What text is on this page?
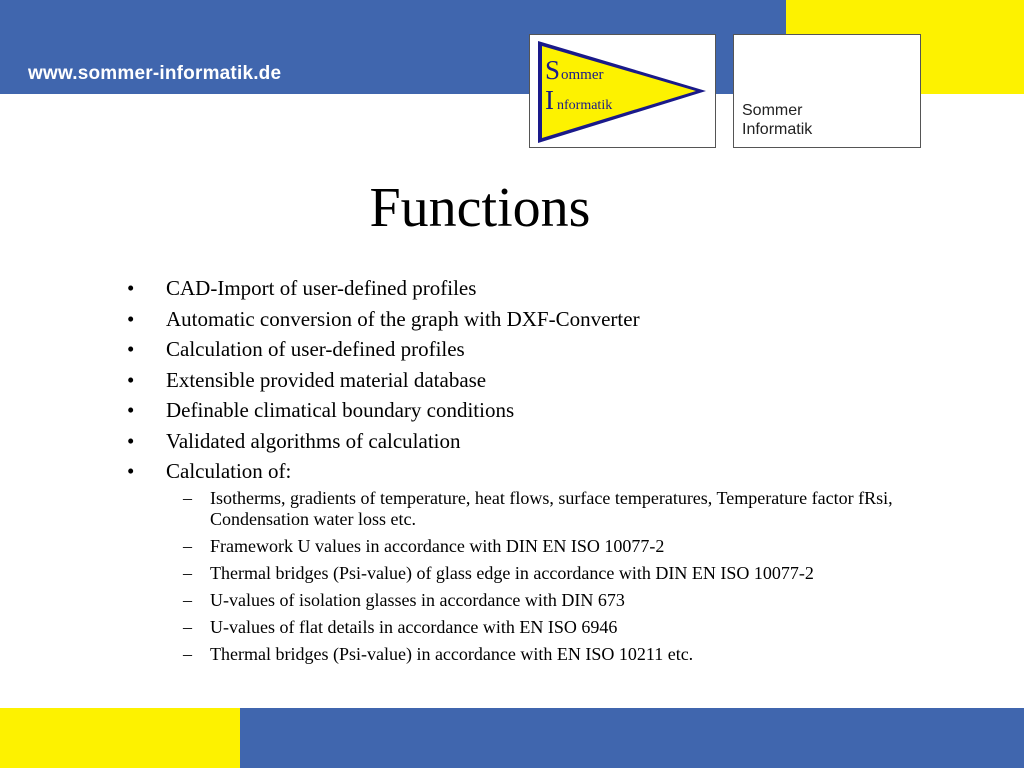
www.sommer-informatik.de	S ommer
I nformatik	Sommer
Informatik
Functions
• CAD-Import of user-defined profiles
• Automatic conversion of the graph with DXF-Converter
• Calculation of user-defined profiles
• Extensible provided material database
• Definable climatical boundary conditions
• Validated algorithms of calculation
• Calculation of:
– Isotherms, gradients of temperature, heat flows, surface temperatures, Temperature factor fRsi, Condensation water loss etc.
– Framework U values in accordance with DIN EN ISO 10077-2
– Thermal bridges (Psi-value) of glass edge in accordance with DIN EN ISO 10077-2
– U-values of isolation glasses in accordance with DIN 673
– U-values of flat details in accordance with EN ISO 6946
– Thermal bridges (Psi-value) in accordance with EN ISO 10211 etc.
